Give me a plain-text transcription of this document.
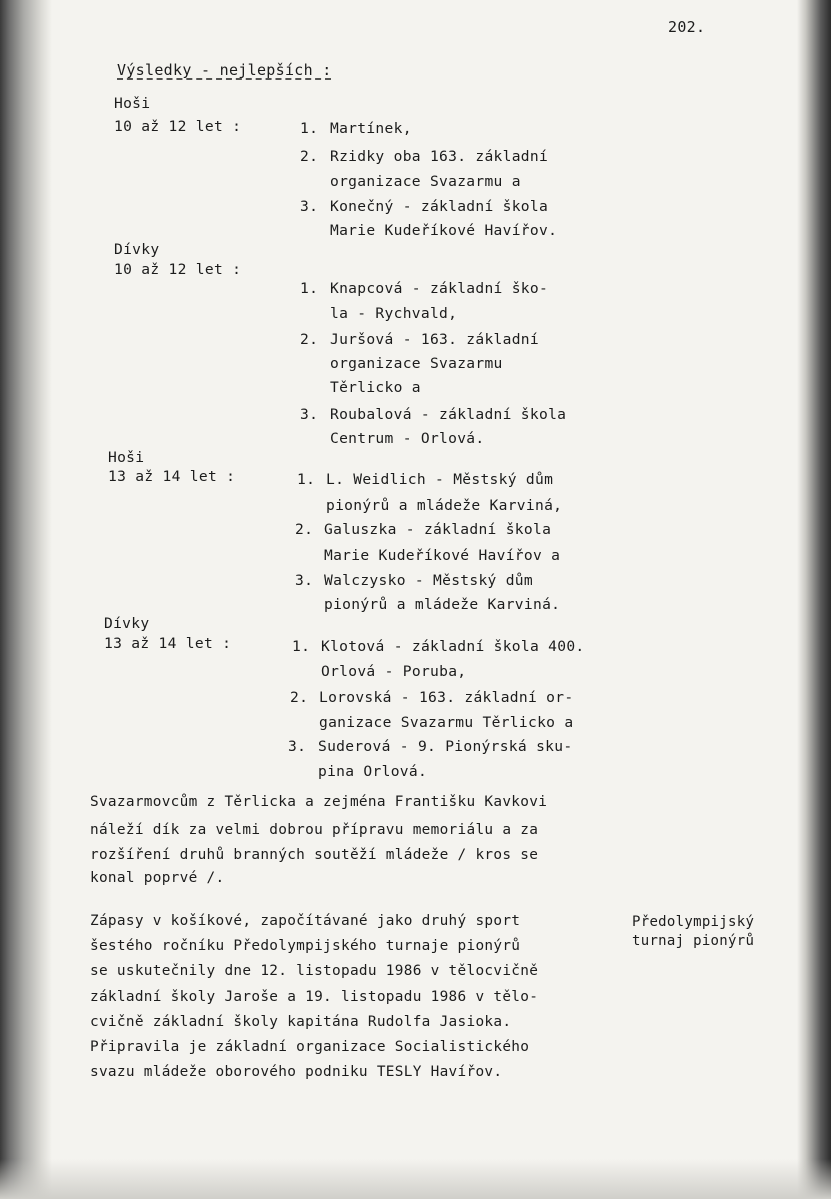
202.
Výsledky - nejlepších :
Hoši
10 až 12 let :	1. Martínek,
2. Rzidky oba 163. základní
organizace Svazarmu a
3. Konečný - základní škola
Marie Kudeříkové Havířov.
Dívky
10 až 12 let :
1. Knapcová - základní ško-
la - Rychvald,
2. Juršová - 163. základní
organizace Svazarmu
Těrlicko a
3. Roubalová - základní škola
Centrum - Orlová.
Hoši
13 až 14 let :	1. L. Weidlich - Městský dům
pionýrů a mládeže Karviná,
2. Galuszka - základní škola
Marie Kudeříkové Havířov a
3. Walczysko - Městský dům
pionýrů a mládeže Karviná.
Dívky
13 až 14 let :	1. Klotová - základní škola 400.
Orlová - Poruba,
2. Lorovská - 163. základní or-
ganizace Svazarmu Těrlicko a
3. Suderová - 9. Pionýrská sku-
pina Orlová.
Svazarmovcům z Těrlicka a zejména Františku Kavkovi
náleží dík za velmi dobrou přípravu memoriálu a za
rozšíření druhů branných soutěží mládeže / kros se
konal poprvé /.
Zápasy v košíkové, započítávané jako druhý sport
šestého ročníku Předolympijského turnaje pionýrů
se uskutečnily dne 12. listopadu 1986 v tělocvičně
základní školy Jaroše a 19. listopadu 1986 v tělo-
cvičně základní školy kapitána Rudolfa Jasioka.
Připravila je základní organizace Socialistického
svazu mládeže oborového podniku TESLY Havířov.
Předolympijský
turnaj pionýrů
